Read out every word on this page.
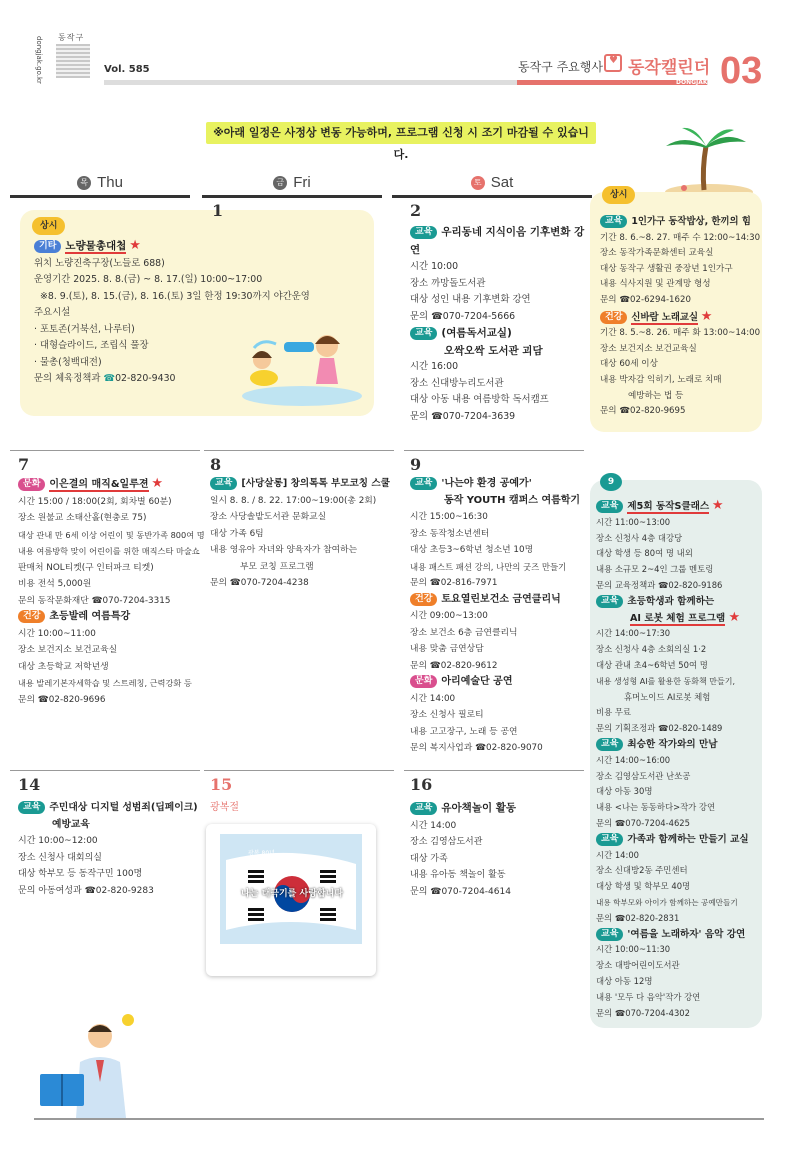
동작구
dongjak.go.kr	Vol. 585
DONGJAK
동작구 주요행사
♥ 동작캘린더 03
※아래 일정은 사정상 변동 가능하며, 프로그램 신청 시 조기 마감될 수 있습니다.
목 Thu	금 Fri	토 Sat
상시
기타 노량물총대첩 ★
위치 노량진축구장(노들로 688)
운영기간 2025. 8. 8.(금) ~ 8. 17.(일) 10:00~17:00
※8. 9.(토), 8. 15.(금), 8. 16.(토) 3일 한정 19:30까지 야간운영
주요시설
· 포토존(거북선, 나루터)
· 대형슬라이드, 조립식 풀장
· 물총(청백대전)
문의 체육정책과 ☎02-820-9430
1	2
교육 우리동네 지식이음 기후변화 강연
시간 10:00
장소 까망돌도서관
대상 성인 내용 기후변화 강연
문의 ☎070-7204-5666
교육 (여름독서교실)
오싹오싹 도서관 괴담
시간 16:00
장소 신대방누리도서관
대상 아동 내용 여름방학 독서캠프
문의 ☎070-7204-3639
상시
교육 1인가구 동작밥상, 한끼의 힘
기간 8. 6.~8. 27. 매주 수 12:00~14:30
장소 동작가족문화센터 교육실
대상 동작구 생활권 중장년 1인가구
내용 식사지원 및 관계망 형성
문의 ☎02-6294-1620
건강 신바람 노래교실 ★
기간 8. 5.~8. 26. 매주 화 13:00~14:00
장소 보건지소 보건교육실
대상 60세 이상
내용 박자감 익히기, 노래로 치매
예방하는 법 등
문의 ☎02-820-9695
7
문화 이은결의 매직&일루젼 ★
시간 15:00 / 18:00(2회, 회차별 60분)
장소 원불교 소태산홀(현충로 75)
대상 관내 만 6세 이상 어린이 및 동반가족 800여 명
내용 여름방학 맞이 어린이를 위한 매직스타 마술쇼
판매처 NOL티켓(구 인터파크 티켓)
비용 전석 5,000원
문의 동작문화재단 ☎070-7204-3315
건강 초등발레 여름특강
시간 10:00~11:00
장소 보건지소 보건교육실
대상 초등학교 저학년생
내용 발레기본자세학습 및 스트레칭, 근력강화 등
문의 ☎02-820-9696
8
교육 [사당살롱] 창의톡톡 부모코칭 스쿨
일시 8. 8. / 8. 22. 17:00~19:00(총 2회)
장소 사당솔밭도서관 문화교실
대상 가족 6팀
내용 영유아 자녀와 양육자가 참여하는
부모 코칭 프로그램
문의 ☎070-7204-4238
9
교육 '나는야 환경 공예가'
동작 YOUTH 캠퍼스 여름학기
시간 15:00~16:30
장소 동작청소년센터
대상 초등3~6학년 청소년 10명
내용 패스트 패션 강의, 나만의 굿즈 만들기
문의 ☎02-816-7971
건강 토요열린보건소 금연클리닉
시간 09:00~13:00
장소 보건소 6층 금연클리닉
내용 맞춤 금연상담
문의 ☎02-820-9612
문화 아리예술단 공연
시간 14:00
장소 신청사 필로티
내용 고고장구, 노래 등 공연
문의 복지사업과 ☎02-820-9070
9
교육 제5회 동작S클래스 ★
시간 11:00~13:00
장소 신청사 4층 대강당
대상 학생 등 80여 명 내외
내용 소규모 2~4인 그룹 멘토링
문의 교육정책과 ☎02-820-9186
교육 초등학생과 함께하는
AI 로봇 체험 프로그램 ★
시간 14:00~17:30
장소 신청사 4층 소회의실 1·2
대상 관내 초4~6학년 50여 명
내용 생성형 AI를 활용한 동화책 만들기,
휴머노이드 AI로봇 체험
비용 무료
문의 기획조정과 ☎02-820-1489
교육 최승한 작가와의 만남
시간 14:00~16:00
장소 김영삼도서관 난쏘공
대상 아동 30명
내용 <나는 동동하다>작가 강연
문의 ☎070-7204-4625
교육 가족과 함께하는 만들기 교실
시간 14:00
장소 신대방2동 주민센터
대상 학생 및 학부모 40명
내용 학부모와 아이가 함께하는 공예만들기
문의 ☎02-820-2831
교육 '여름을 노래하자' 음악 강연
시간 10:00~11:30
장소 대방어린이도서관
대상 아동 12명
내용 '모두 다 음악'작가 강연
문의 ☎070-7204-4302
14
교육 주민대상 디지털 성범죄(딥페이크)
예방교육
시간 10:00~12:00
장소 신청사 대회의실
대상 학부모 등 동작구민 100명
문의 아동여성과 ☎02-820-9283
15
광복절
광복 80년
나는 태극기를 사랑합니다
16
교육 유아책놀이 활동
시간 14:00
장소 김영삼도서관
대상 가족
내용 유아동 책놀이 활동
문의 ☎070-7204-4614
